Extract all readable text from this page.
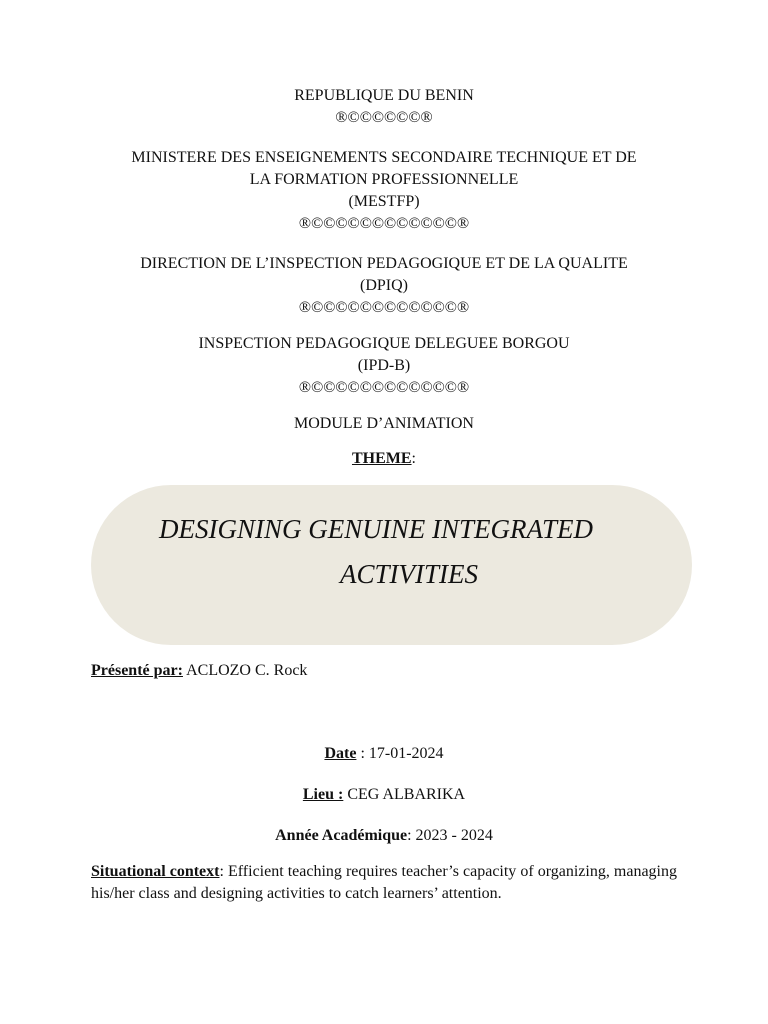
REPUBLIQUE DU BENIN
®©©©©©©®
MINISTERE DES ENSEIGNEMENTS SECONDAIRE TECHNIQUE ET DE
LA FORMATION PROFESSIONNELLE
(MESTFP)
®©©©©©©©©©©©©®
DIRECTION DE L’INSPECTION PEDAGOGIQUE ET DE LA QUALITE
(DPIQ)
®©©©©©©©©©©©©®
INSPECTION PEDAGOGIQUE DELEGUEE BORGOU
(IPD-B)
®©©©©©©©©©©©©®
MODULE D’ANIMATION
THEME:
DESIGNING GENUINE INTEGRATED
ACTIVITIES
Présenté par: ACLOZO C. Rock
Date : 17-01-2024
Lieu : CEG ALBARIKA
Année Académique: 2023 - 2024
Situational context: Efficient teaching requires teacher’s capacity of organizing, managing his/her class and designing activities to catch learners’ attention.
